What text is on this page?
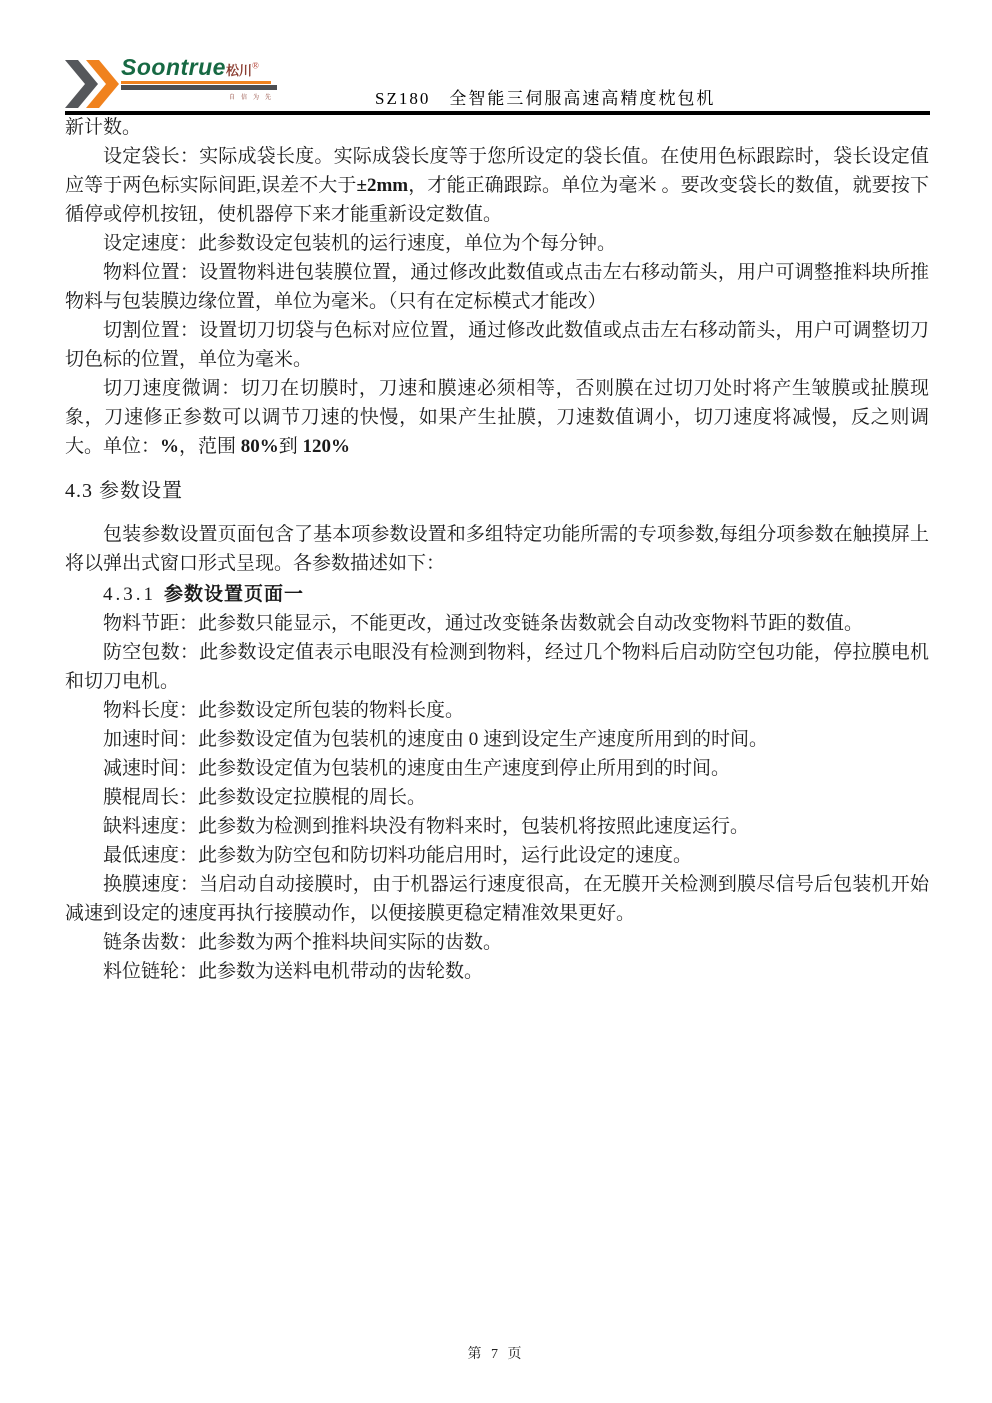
Soontrue松川®
自信为先	SZ180　全智能三伺服高速高精度枕包机

新计数。

设定袋长：实际成袋长度。实际成袋长度等于您所设定的袋长值。在使用色标跟踪时，袋长设定值应等于两色标实际间距,误差不大于±2mm，才能正确跟踪。单位为毫米 。要改变袋长的数值，就要按下循停或停机按钮，使机器停下来才能重新设定数值。

设定速度：此参数设定包装机的运行速度，单位为个每分钟。

物料位置：设置物料进包装膜位置，通过修改此数值或点击左右移动箭头，用户可调整推料块所推物料与包装膜边缘位置，单位为毫米。（只有在定标模式才能改）

切割位置：设置切刀切袋与色标对应位置，通过修改此数值或点击左右移动箭头，用户可调整切刀切色标的位置，单位为毫米。

切刀速度微调：切刀在切膜时，刀速和膜速必须相等，否则膜在过切刀处时将产生皱膜或扯膜现象，刀速修正参数可以调节刀速的快慢，如果产生扯膜，刀速数值调小，切刀速度将减慢，反之则调大。单位：%，范围 80%到 120%

4.3 参数设置

包装参数设置页面包含了基本项参数设置和多组特定功能所需的专项参数,每组分项参数在触摸屏上将以弹出式窗口形式呈现。各参数描述如下：

4.3.1 参数设置页面一

物料节距：此参数只能显示，不能更改，通过改变链条齿数就会自动改变物料节距的数值。

防空包数：此参数设定值表示电眼没有检测到物料，经过几个物料后启动防空包功能，停拉膜电机和切刀电机。

物料长度：此参数设定所包装的物料长度。

加速时间：此参数设定值为包装机的速度由 0 速到设定生产速度所用到的时间。

减速时间：此参数设定值为包装机的速度由生产速度到停止所用到的时间。

膜棍周长：此参数设定拉膜棍的周长。

缺料速度：此参数为检测到推料块没有物料来时，包装机将按照此速度运行。

最低速度：此参数为防空包和防切料功能启用时，运行此设定的速度。

换膜速度：当启动自动接膜时，由于机器运行速度很高，在无膜开关检测到膜尽信号后包装机开始减速到设定的速度再执行接膜动作，以便接膜更稳定精准效果更好。

链条齿数：此参数为两个推料块间实际的齿数。

料位链轮：此参数为送料电机带动的齿轮数。

第 7 页
